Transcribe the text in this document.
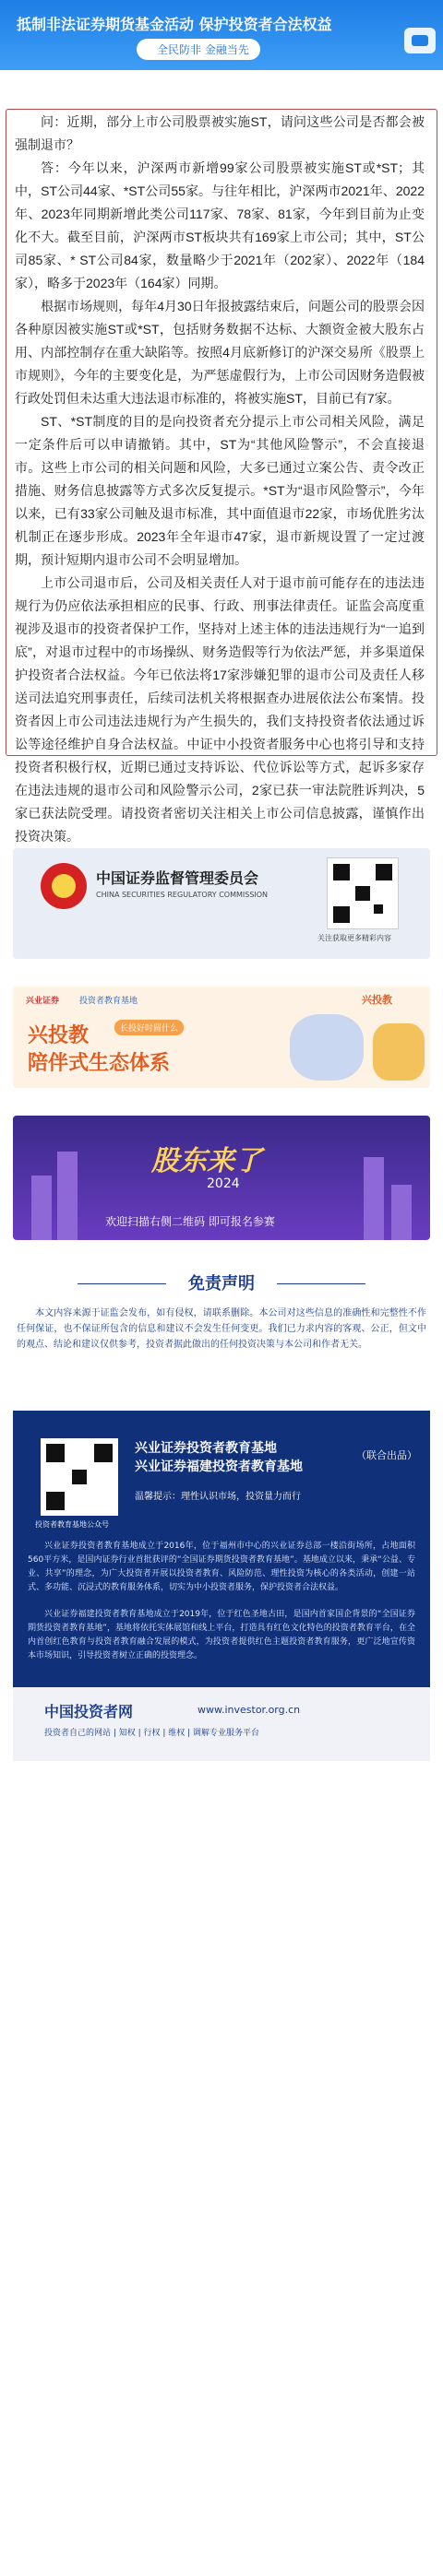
抵制非法证券期货基金活动 保护投资者合法权益
全民防非 金融当先

问：近期，部分上市公司股票被实施ST，请问这些公司是否都会被强制退市？

答：今年以来，沪深两市新增99家公司股票被实施ST或*ST；其中，ST公司44家、*ST公司55家。与往年相比，沪深两市2021年、2022年、2023年同期新增此类公司117家、78家、81家，今年到目前为止变化不大。截至目前，沪深两市ST板块共有169家上市公司；其中，ST公司85家、* ST公司84家，数量略少于2021年（202家）、2022年（184家），略多于2023年（164家）同期。

根据市场规则，每年4月30日年报披露结束后，问题公司的股票会因各种原因被实施ST或*ST，包括财务数据不达标、大额资金被大股东占用、内部控制存在重大缺陷等。按照4月底新修订的沪深交易所《股票上市规则》，今年的主要变化是，为严惩虚假行为，上市公司因财务造假被行政处罚但未达重大违法退市标准的，将被实施ST，目前已有7家。

ST、*ST制度的目的是向投资者充分提示上市公司相关风险，满足一定条件后可以申请撤销。其中，ST为“其他风险警示”，不会直接退市。这些上市公司的相关问题和风险，大多已通过立案公告、责令改正措施、财务信息披露等方式多次反复提示。*ST为“退市风险警示”，今年以来，已有33家公司触及退市标准，其中面值退市22家，市场优胜劣汰机制正在逐步形成。2023年全年退市47家，退市新规设置了一定过渡期，预计短期内退市公司不会明显增加。

上市公司退市后，公司及相关责任人对于退市前可能存在的违法违规行为仍应依法承担相应的民事、行政、刑事法律责任。证监会高度重视涉及退市的投资者保护工作，坚持对上述主体的违法违规行为“一追到底”，对退市过程中的市场操纵、财务造假等行为依法严惩，并多渠道保护投资者合法权益。今年已依法将17家涉嫌犯罪的退市公司及责任人移送司法追究刑事责任，后续司法机关将根据查办进展依法公布案情。投资者因上市公司违法违规行为产生损失的，我们支持投资者依法通过诉讼等途径维护自身合法权益。中证中小投资者服务中心也将引导和支持投资者积极行权，近期已通过支持诉讼、代位诉讼等方式，起诉多家存在违法违规的退市公司和风险警示公司，2家已获一审法院胜诉判决，5家已获法院受理。请投资者密切关注相关上市公司信息披露，谨慎作出投资决策。

中国证券监督管理委员会
CHINA SECURITIES REGULATORY COMMISSION
关注获取更多精彩内容
兴业证券 投资者教育基地
兴投教	长投好时圆什么
陪伴式生态体系
兴投教
股东来了
2024
欢迎扫描右侧二维码 即可报名参赛
免责声明
本文内容来源于证监会发布，如有侵权，请联系删除。本公司对这些信息的准确性和完整性不作任何保证，也不保证所包含的信息和建议不会发生任何变更。我们已力求内容的客观、公正，但文中的观点、结论和建议仅供参考，投资者据此做出的任何投资决策与本公司和作者无关。
投资者教育基地公众号
兴业证券投资者教育基地
兴业证券福建投资者教育基地
（联合出品）
温馨提示：理性认识市场，投资量力而行
兴业证券投资者教育基地成立于2016年，位于福州市中心的兴业证券总部一楼沿街场所，占地面积560平方米，是国内证券行业首批获评的“全国证券期货投资者教育基地”。基地成立以来，秉承“公益、专业、共享”的理念，为广大投资者开展以投资者教育、风险防范、理性投资为核心的各类活动，创建一站式、多功能、沉浸式的教育服务体系，切实为中小投资者服务，保护投资者合法权益。
兴业证券福建投资者教育基地成立于2019年，位于红色圣地古田，是国内首家国企背景的“全国证券期货投资者教育基地”，基地将依托实体展馆和线上平台，打造具有红色文化特色的投资者教育平台，在全内首创红色教育与投资者教育融合发展的模式，为投资者提供红色主题投资者教育服务，更广泛地宣传资本市场知识，引导投资者树立正确的投资理念。
中国投资者网	www.investor.org.cn
投资者自己的网站 | 知权 | 行权 | 维权 | 调解专业服务平台
